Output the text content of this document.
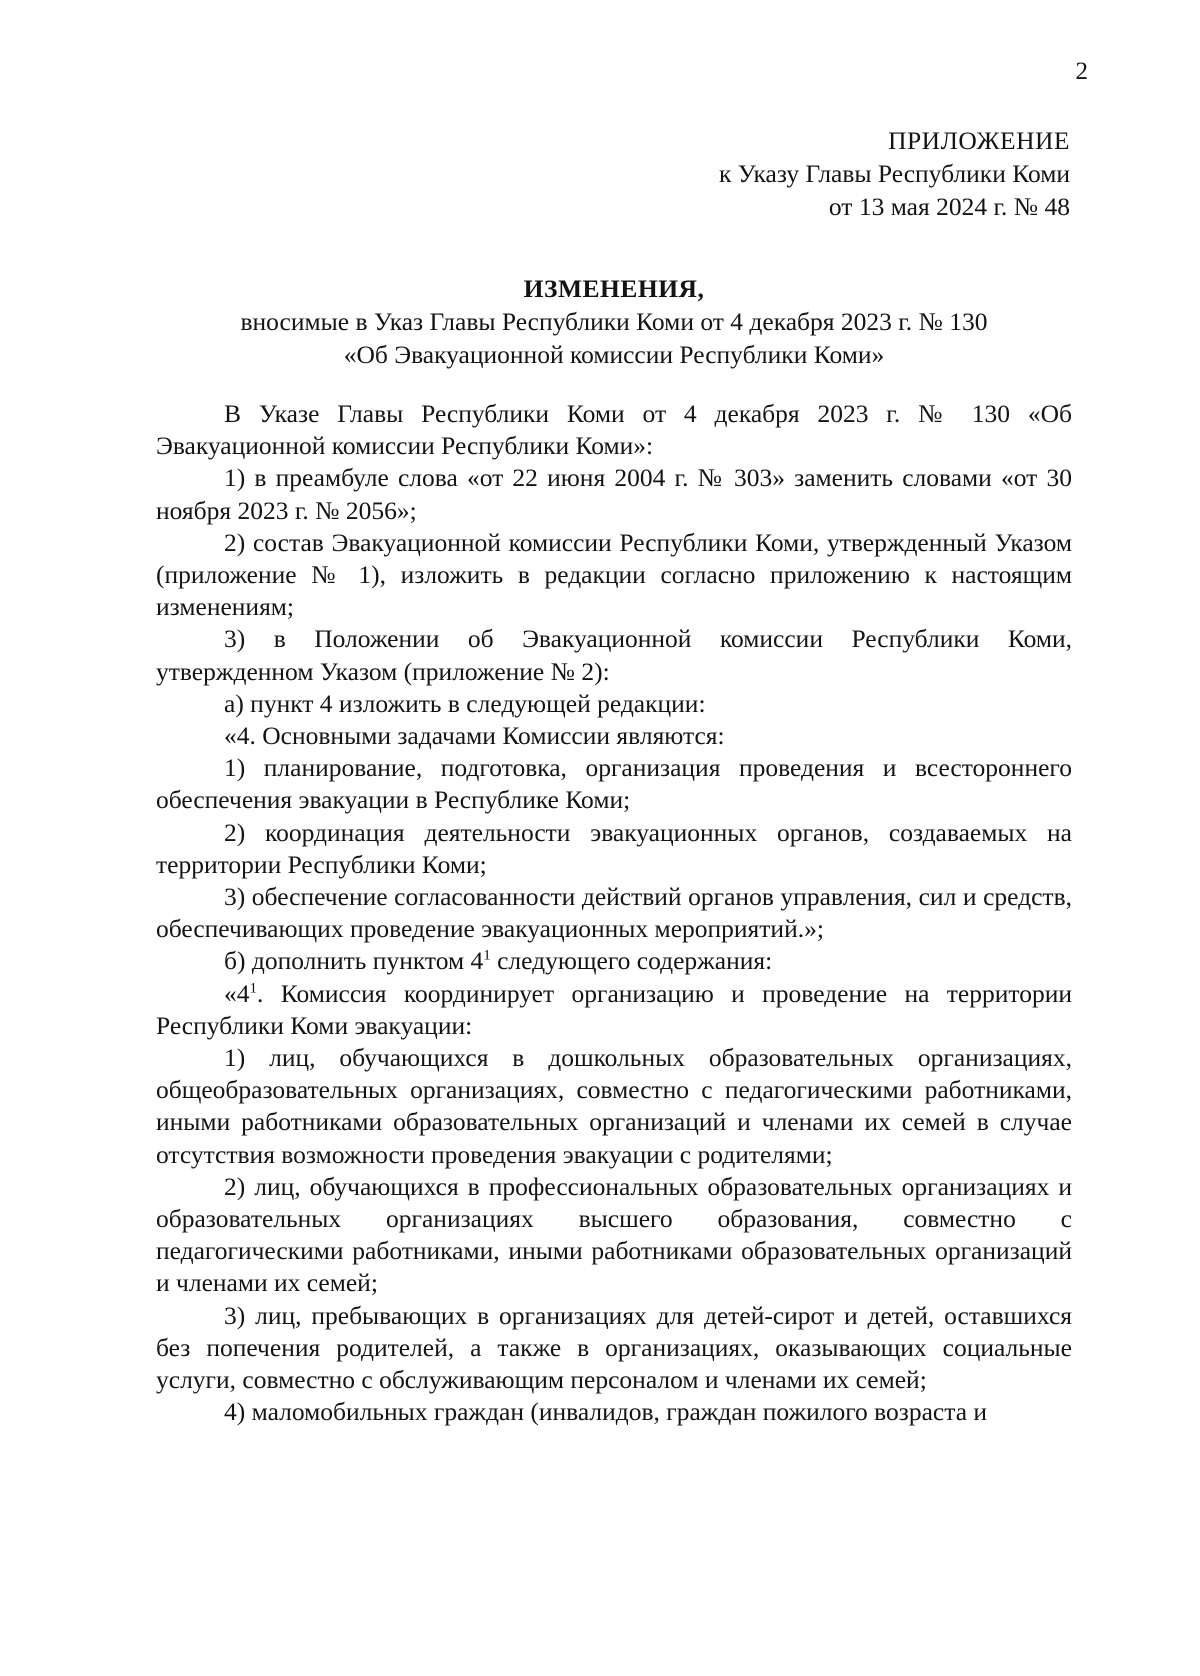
2
ПРИЛОЖЕНИЕ
к Указу Главы Республики Коми
от 13 мая 2024 г. № 48
ИЗМЕНЕНИЯ,
вносимые в Указ Главы Республики Коми от 4 декабря 2023 г. № 130
«Об Эвакуационной комиссии Республики Коми»

В Указе Главы Республики Коми от 4 декабря 2023 г. № 130 «Об Эвакуационной комиссии Республики Коми»:

1) в преамбуле слова «от 22 июня 2004 г. № 303» заменить словами «от 30 ноября 2023 г. № 2056»;

2) состав Эвакуационной комиссии Республики Коми, утвержденный Указом (приложение № 1), изложить в редакции согласно приложению к настоящим изменениям;

3) в Положении об Эвакуационной комиссии Республики Коми, утвержденном Указом (приложение № 2):

а) пункт 4 изложить в следующей редакции:

«4. Основными задачами Комиссии являются:

1) планирование, подготовка, организация проведения и всестороннего обеспечения эвакуации в Республике Коми;

2) координация деятельности эвакуационных органов, создаваемых на территории Республики Коми;

3) обеспечение согласованности действий органов управления, сил и средств, обеспечивающих проведение эвакуационных мероприятий.»;

б) дополнить пунктом $4^1$ следующего содержания:

«$4^1$. Комиссия координирует организацию и проведение на территории Республики Коми эвакуации:

1) лиц, обучающихся в дошкольных образовательных организациях, общеобразовательных организациях, совместно с педагогическими работниками, иными работниками образовательных организаций и членами их семей в случае отсутствия возможности проведения эвакуации с родителями;

2) лиц, обучающихся в профессиональных образовательных организациях и образовательных организациях высшего образования, совместно с педагогическими работниками, иными работниками образовательных организаций и членами их семей;

3) лиц, пребывающих в организациях для детей-сирот и детей, оставшихся без попечения родителей, а также в организациях, оказывающих социальные услуги, совместно с обслуживающим персоналом и членами их семей;

4) маломобильных граждан (инвалидов, граждан пожилого возраста и
